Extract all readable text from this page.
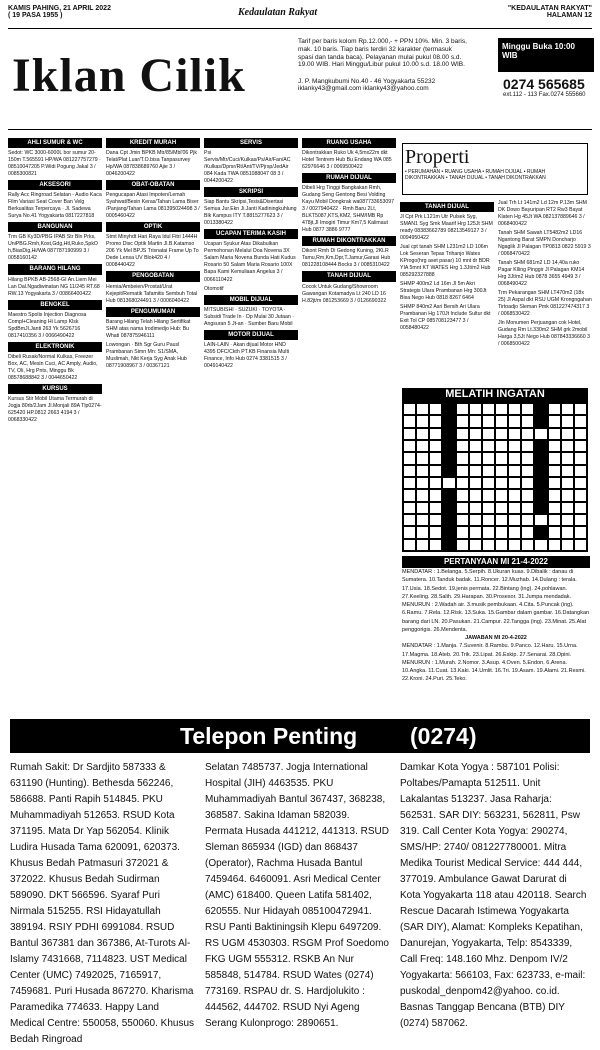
KAMIS PAHING, 21 APRIL 2022
( 19 PASA 1955 )	Kedaulatan Rakyat	"KEDAULATAN RAKYAT"
HALAMAN 12
Iklan Cilik
Tarif per baris kolom Rp.12.000,- + PPN 10%. Min. 3 baris, mak. 10 baris. Tiap baris terdiri 32 karakter (termasuk spasi dan tanda baca). Pelayanan mulai pukul 08.00 s.d. 19.00 WIB. Hari Minggu/Libur pukul 10.00 s.d. 18.00 WIB.
Minggu Buka 10:00 WIB
J. P. Mangkubumi No.40 - 46 Yogyakarta 55232
iklanky43@gmail.com iklanky43@yahoo.com	0274 565685
ext.112 - 113 Fax.0274 555660
AHLI SUMUR & WC

Sedot: WC 3000-6000L bor sumur 20-150m T.565591 HP/WA 081227757279 · 08510047205 P.Widi Pogung Jakal 3 / 0085300821

AKSESORI

Rally Acc Ringroad Selatan - Audio Kaca Film Variasi Seat Cover Ban Velg Berkualitas Terpercaya · Jl. Sadewa Surya No.41 Yogyakarta 0817227818

BANGUNAN

Trm GB Ky3D/PBG IPAB Str Bln Prks, UniPBG.Rmh,Kost,Gdg,Htl,Ruko,SpkO h,BiasDig,Hi/WA 087787190999 3 / 0058160142

BARANG HILANG

Hilang BPKB AB-2568-GI An.Liem Mei Lan Dal.Ngadiwinatan NG 11/245 RT.68 RW.13 Yogyakarta 3 / 00866400422

BENGKEL

Maestro Spolis Injection Diagnosa Compl+Cleaning Hi Lamp Klsk SpdBmJl.Janti 263 Yk 5626716 0817410356 3 / 0066490422

ELEKTRONIK

Dibeli Rusak/Normal Kulkas, Freezer Box, AC, Mesin Cuci, AC Amply, Audio, TV, Oli, Hrg Pnts, Minggu Bk 08578688842 3 / 0044650422

KURSUS

Kursus Stir Mobil Utama Termurah di Jogja 80rb/2Jam Jl.Monjali 89A Tlp0274-625420 HP.0812 2663 4194 3 / 0068330422

KREDIT MURAH

Dana Cpt Jmin BPKB Mtr/85/Mbl'06 Pjk Telat/Plat Luar/T.O.bisa Tanpasurvey Hp/WA 087838689760 Ajie 3 / 0046200422

OBAT-OBATAN

Pengucapan Atasi Impoten/Lemah Syahwat/Besin Keras/Tahan Lama Biser /Panjang/Tahan Lama 081395024498 3 / 0005460422

OPTIK

Stmt Minyhdt Hari Raya Idul Fitri 1444H Promo Disc Optik Martin Jl.B.Katamso 206 Yk Mel BPJS Trisnatai Frame Up To Dede Lensa UV Blok420 4 / 0008440422

PENGOBATAN

Hernia/Ambeien/Prostat/Urat Kejepit/Rematik Tafamitis Sembuh Total Hub 081368024491 3 / 0006040422

PENGUMUMAN

Barang Hilang Telah Hilang Sertifikat SHM atas nama Irodimedjo Hub: Bu Whati 087875946111

Lowongan · Bth Sgr Guru Pausl Prambanan Simn Mn: S1/SMA, Muslimah, Nkt Kerja Syg Anak Hub 08771908967 3 / 00367121

SERVIS

Psi Servis/Mtr/Cuci/Kulkas/Ps/Air/Fan/AC /Kulkas/Dprsr/Rt/Ant/TV/Pjrsp/JedAir 084 Kada TWA 0851088047 08 3 / 0044200422

SKRIPSI

Siap Bantu Skripsi,Tesis&Disertasi Semua Jur.Ekn Ji.Janti Kadiningkuhlung Blk Kampus ITY T.8815277623 3 / 0013380422

UCAPAN TERIMA KASIH

Ucapan Syukur Atas Dikabulkan Permohonan Melalui Doa Novena 3X Salam Maria Novena Bunda Hati Kudus Rosario 50 Salam Maria Rosario 100X Bapa Kami Kemuliaan Angelus 3 / 0066110422

Otomotif

MOBIL DIJUAL

MITSUBISHI · SUZUKI · TOYOTA · Subsidi Trade In · Dp Mulai 30 Jutaan · Angsuran 5 Jt-an · Sumber Baru Mobil

MOTOR DIJUAL

LAIN-LAIN · Akan dijual Motor HND 4395 DFC/Ckth PT.KB Finansia Multi Finance, Info Hub 0274 3381515 3 / 0049140422

RUANG USAHA

Dikontrakkan Ruko Uk 4,5mx22m dkt Hotel Tentrem Hub Bu Endang WA 085 62976646 3 / 0069500422

RUMAH DIJUAL

Dibeli Hrg Tinggi Bangkakan Rmh, Gudang Seng Gentong Besi Volding Kayu Mobil Dongkrak wa087733653097 3 / 0027940422 · Rmh Baru 2Lt, BLKT5087,KTS,KM2, SHM/IMB Rp 478jt,Jl Imogiri Timur Km7,5 Kalimaut Hub 0877 3886 9777

RUMAH DIKONTRAKKAN

Dikont Rmh Di Gedong Kuning, 2KLR Tamu,Rm,Km,Dpr,T.Jamur,Garasi Hub 081228108444 Bocks 3 / 0085310422

TANAH DIJUAL

Cocok Untuk Gudang/Showroom Gawangan Kotamadya Lt 240 LD 16 H.82jt/m 081253669 3 / 0126690322

TANAH DIJUAL

Jl Cpt Prk L121m Utr Pulsek Syg, SMAN1 Syg Smk Maarif Hrg 125Jt SHM ready 08383662789 08213549127 3 / 0094950422

Jual cpt tanah SHM L231m2 LD 106m Lok Seseran Tepas Trihanjo Wates KProgo(hrg aset pasar) 10 mnt dr BDR YIA 5mnt KT WATES Hrg 1.3Jt/m2 Hub 085292327888

SHMP 400m2 Ld 16m Jl 5m Akri Strategis Ulara Prambanan Hrg 300Jt Bisa Nego Hub 0818 8267 6464

SHMP 840m2 Asri Bersih Ari Ulara Prambanan Hg 170Jt Include Sultur dkt Exit Tol CP 085708123477 3 / 0058480422

Jual Trh Lt 141m2 Ld 12m P.13m SHM DK Dowo Bayuripan RT2 Rw3 Bayat Klaten Hg 45Jt WA 082137889646 3 / 0068400422

Tanah SHM Sawah LT5482m2 LD16 Ngantong Barat SMPN Doncharjo Ngaglik Jl Palagan TP0813 0822 5919 3 / 0068470422

Tanah SHM 681m2 LD 14,40a ruko Pagar Klling Pinggir Jl Palagan KM14 Hrg 3Jt/m2 Hub 0878 3655 4949 3 / 0068490422

Trm Pekarangan SHM LT470m2 (18x 25) Jl Aspal dkt RSU UGM Krongngahan Tirtoadjo Sleman Pmk 081227474317 3 / 0068530422

Jln Monumen Perjuangan cok Hotel, Gudang Rm Lt.330m2 SHM grk 2mobil Harga 3,5Jt Nego Hub 087843336660 3 / 0068500422

Properti
• PERUMAHAN • RUANG USAHA • RUMAH DIJUAL • RUMAH DIKONTRAKKAN • TANAH DIJUAL • TANAH DIKONTRAKKAN
MELATIH INGATAN
PERTANYAAN MI 21-4-2022

MENDATAR : 1.Belanga. 5.Serpih. 8.Ukuran kuas. 9.Dibalik : danau di Sumatera. 10.Tanduk badak. 11.Roncer. 12.Muzhab. 14.Dulang : terala. 17.Usia. 18.Sedot. 19.jenis permata. 22.Bintang (ing). 24.pohlawan. 27.Keeling. 28.Salih. 29.Harapan. 30.Prosesor. 31.Jumpa mendadak.

MENURUN : 2.Wadah air. 3.musik pembukaan. 4.Cita. 5.Puncak (ing). 6.Ramu. 7.Rela. 12.Risk. 13.Suka. 15.Gambar dalam gambar. 16.Datangkan barang dari LN. 20.Pasukan. 21.Campur. 22.Tangga (ing). 23.Minat. 25.Alat penggorigis. 26.Mendenta.

JAWABAN MI 20-4-2022

MENDATAR : 1.Manja. 7.Suvenir. 8.Rambu. 9.Panco. 12.Haru. 15.Urna. 17.Magma. 18.Ateb. 20.Trik. 23.Lipat. 26.Eskip. 27.Senarai. 28.Opini.

MENURUN : 1.Murah. 2.Nomor. 3.Asup. 4.Oven. 5.Endon. 6.Arena. 10.Angka. 11.Cuat. 13.Kaki. 14.Umlit. 16.Tri. 19.Asam. 19.Alami. 21.Resmi. 22.Kroni. 24.Puri. 25.Teko.

Telepon Penting (0274)
Rumah Sakit: Dr Sardjito 587333 & 631190 (Hunting). Bethesda 562246, 586688. Panti Rapih 514845. PKU Muhammadiyah 512653. RSUD Kota 371195. Mata Dr Yap 562054. Klinik Ludira Husada Tama 620091, 620373. Khusus Bedah Patmasuri 372021 & 372022. Khusus Bedah Sudirman 589090. DKT 566596. Syaraf Puri Nirmala 515255. RSI Hidayatullah 389194. RSIY PDHI 6991084. RSUD Bantul 367381 dan 367386, At-Turots Al-Islamy 7431668, 7114823. UST Medical Center (UMC) 7492025, 7165917, 7459681. Puri Husada 867270. Kharisma Paramedika 774633. Happy Land Medical Centre: 550058, 550060. Khusus Bedah Ringroad
Selatan 7485737. Jogja International Hospital (JIH) 4463535. PKU Muhammadiyah Bantul 367437, 368238, 368587. Sakina Idaman 582039. Permata Husada 441212, 441313. RSUD Sleman 865934 (IGD) dan 868437 (Operator), Rachma Husada Bantul 7459464. 6460091. Asri Medical Center (AMC) 618400. Queen Latifa 581402, 620555. Nur Hidayah 085100472941. RSU Panti Baktiningsih Klepu 6497209. RS UGM 4530303. RSGM Prof Soedomo FKG UGM 555312. RSKB An Nur 585848, 514784. RSUD Wates (0274) 773169. RSPAU dr. S. Hardjolukito : 444562, 444702. RSUD Nyi Ageng Serang Kulonprogo: 2890651.
Damkar Kota Yogya : 587101 Polisi: Poltabes/Pamapta 512511. Unit Lakalantas 513237. Jasa Raharja: 562531. SAR DIY: 563231, 562811, Psw 319. Call Center Kota Yogya: 290274, SMS/HP: 2740/ 081227780001. Mitra Medika Tourist Medical Service: 444 444, 377019. Ambulance Gawat Darurat di Kota Yogyakarta 118 atau 420118. Search Rescue Dacarah Istimewa Yogyakarta (SAR DIY), Alamat: Kompleks Kepatihan, Danurejan, Yogyakarta, Telp: 8543339, Call Freq: 148.160 Mhz. Denpom IV/2 Yogyakarta: 566103, Fax: 623733, e-mail: puskodal_denpom42@yahoo. co.id. Basnas Tanggap Bencana (BTB) DIY (0274) 587062.
